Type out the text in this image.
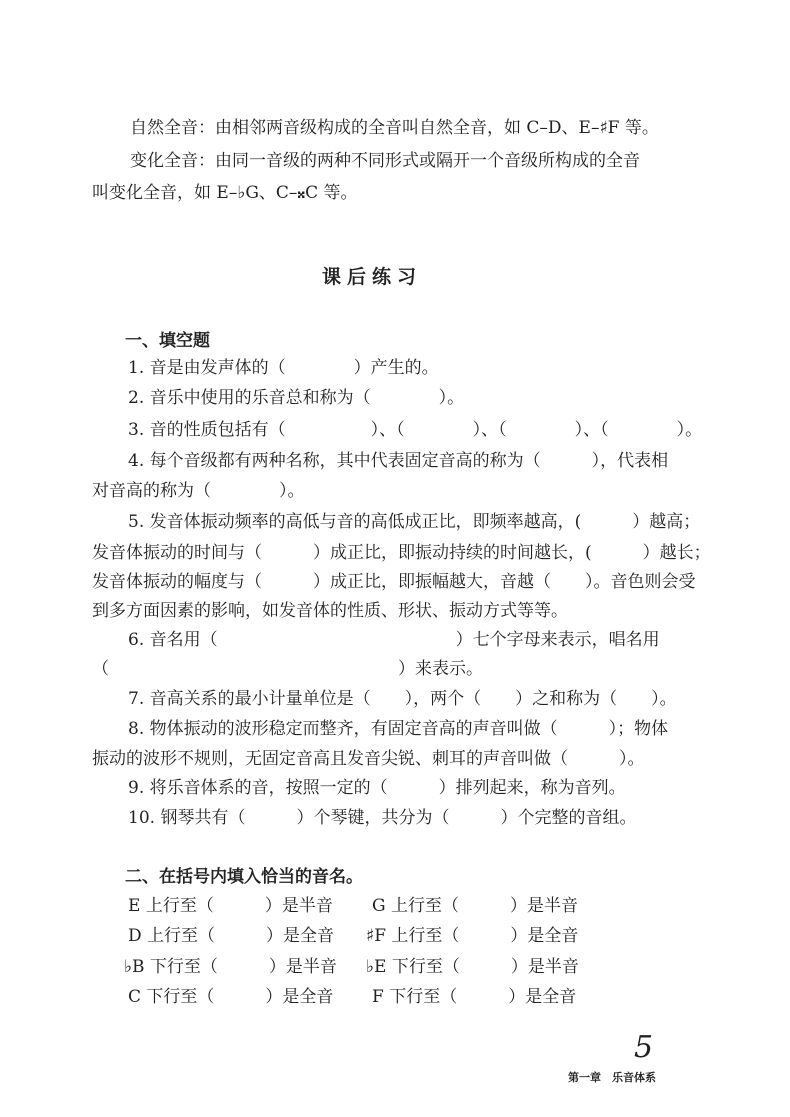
自然全音：由相邻两音级构成的全音叫自然全音，如 C–D、E–♯F 等。
变化全音：由同一音级的两种不同形式或隔开一个音级所构成的全音
叫变化全音，如 E–♭G、C–𝄪C 等。
课后练习
一、填空题
1. 音是由发声体的（　　　　）产生的。
2. 音乐中使用的乐音总和称为（　　　　）。
3. 音的性质包括有（　　　　　）、（　　　　）、（　　　　）、（　　　　）。
4. 每个音级都有两种名称，其中代表固定音高的称为（　　　），代表相
对音高的称为（　　　　）。
5. 发音体振动频率的高低与音的高低成正比，即频率越高，(　　　）越高；
发音体振动的时间与（　　　）成正比，即振动持续的时间越长，(　　　）越长；
发音体振动的幅度与（　　　）成正比，即振幅越大，音越（　　）。音色则会受
到多方面因素的影响，如发音体的性质、形状、振动方式等等。
6. 音名用（　　　　　　　　　　　　　　）七个字母来表示，唱名用
（　　　　　　　　　　　　　　　　　）来表示。
7. 音高关系的最小计量单位是（　　），两个（　　）之和称为（　　）。
8. 物体振动的波形稳定而整齐，有固定音高的声音叫做（　　　）；物体
振动的波形不规则，无固定音高且发音尖锐、刺耳的声音叫做（　　　）。
9. 将乐音体系的音，按照一定的（　　　）排列起来，称为音列。
10. 钢琴共有（　　　）个琴键，共分为（　　　）个完整的音组。
二、在括号内填入恰当的音名。
E 上行至（　　　）是半音 G 上行至（　　　）是半音
D 上行至（　　　）是全音 ♯F 上行至（　　　）是全音
♭B 下行至（　　　）是半音 ♭E 下行至（　　　）是半音
C 下行至（　　　）是全音 F 下行至（　　　）是全音
5
第一章　乐音体系
